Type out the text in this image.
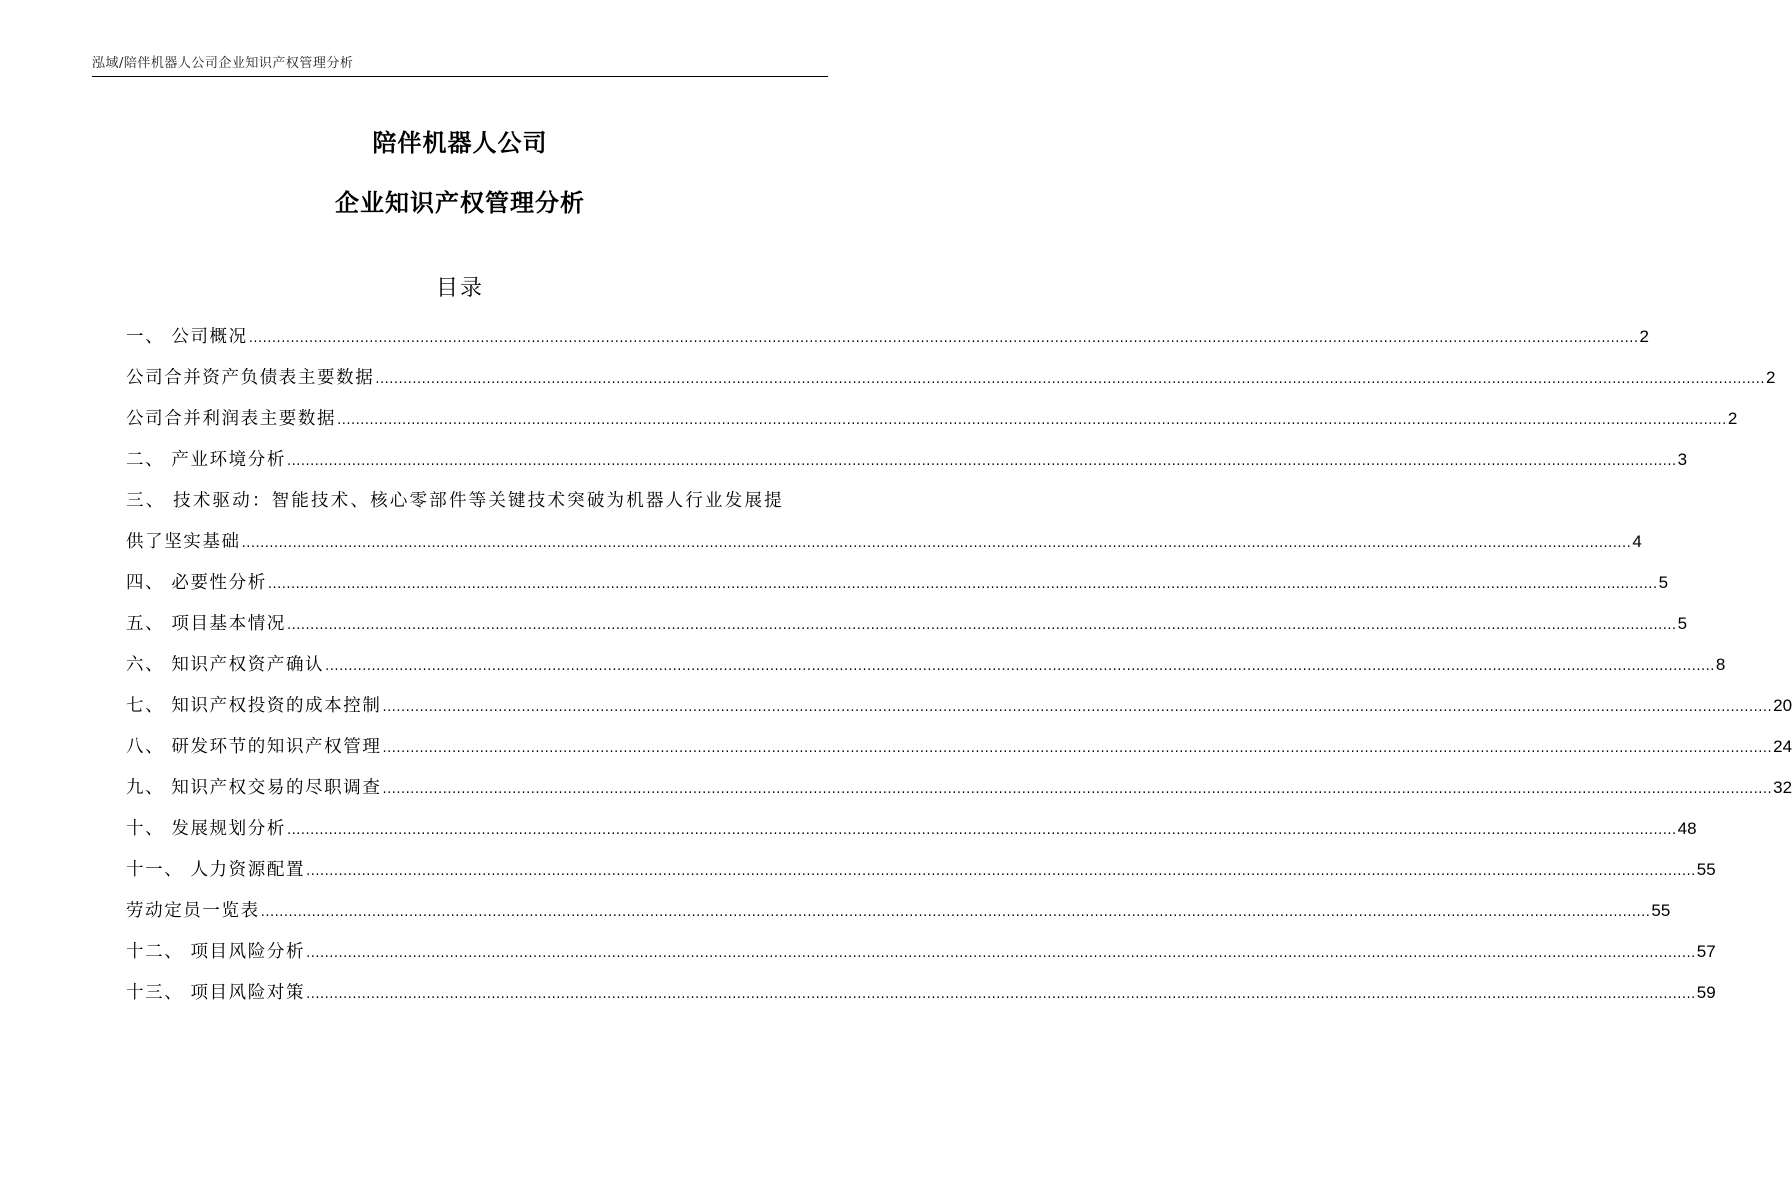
泓域/陪伴机器人公司企业知识产权管理分析
陪伴机器人公司
企业知识产权管理分析
目录
一、 公司概况 ............................................................................................................................................................................................................................................................................................................ 2
公司合并资产负债表主要数据 ............................................................................................................................................................................................................................................................................................................ 2
公司合并利润表主要数据 ............................................................................................................................................................................................................................................................................................................ 2
二、 产业环境分析 ............................................................................................................................................................................................................................................................................................................ 3
三、 技术驱动：智能技术、核心零部件等关键技术突破为机器人行业发展提
供了坚实基础 ............................................................................................................................................................................................................................................................................................................ 4
四、 必要性分析 ............................................................................................................................................................................................................................................................................................................ 5
五、 项目基本情况 ............................................................................................................................................................................................................................................................................................................ 5
六、 知识产权资产确认 ............................................................................................................................................................................................................................................................................................................ 8
七、 知识产权投资的成本控制 ............................................................................................................................................................................................................................................................................................................ 20
八、 研发环节的知识产权管理 ............................................................................................................................................................................................................................................................................................................ 24
九、 知识产权交易的尽职调查 ............................................................................................................................................................................................................................................................................................................ 32
十、 发展规划分析 ............................................................................................................................................................................................................................................................................................................ 48
十一、 人力资源配置 ............................................................................................................................................................................................................................................................................................................ 55
劳动定员一览表 ............................................................................................................................................................................................................................................................................................................ 55
十二、 项目风险分析 ............................................................................................................................................................................................................................................................................................................ 57
十三、 项目风险对策 ............................................................................................................................................................................................................................................................................................................ 59
